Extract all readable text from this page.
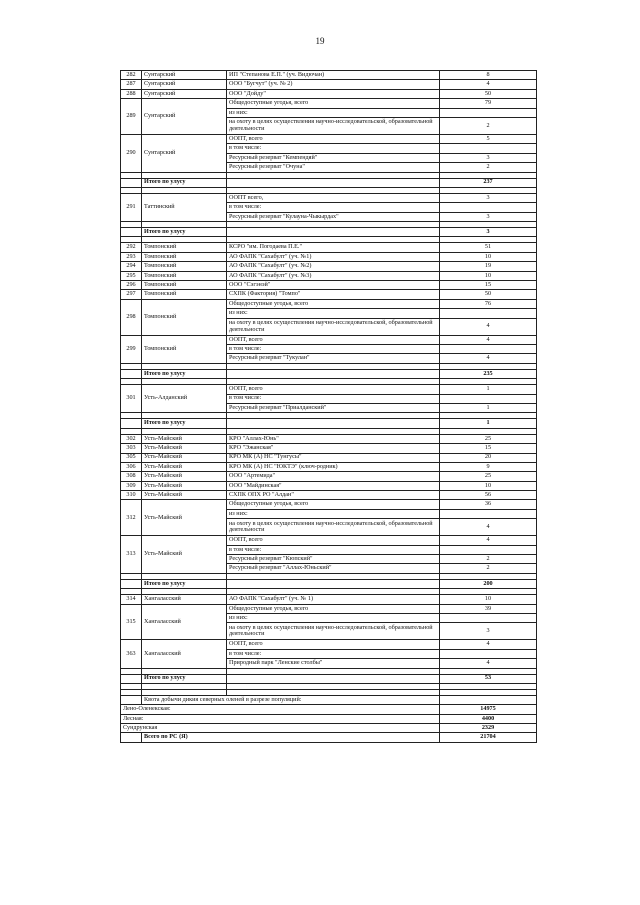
19
282	Сунтарский	ИП "Степанова Е.П." (уч. Видючан)	8
287	Сунтарский	ООО "Бугчут" (уч. № 2)	4
288	Сунтарский	ООО "Дойду"	50
289	Сунтарский	Общедоступные угодья, всего	79
		из них:	
		на охоту в целях осуществления научно-исследовательской, образовательной деятельности	2
290	Сунтарский	ООПТ, всего	5
		в том числе:	
		Ресурсный резерват "Кемпендяй"	3
		Ресурсный резерват "Очуна"	2

	Итого по улусу		237

291	Таттинский	ООПТ всего,	3
		в том числе:	
		Ресурсный резерват "Кулауна-Чыкырдах"	3

	Итого по улусу		3

292	Томпонский	КСРО "им. Погодаева П.Е."	51
293	Томпонский	АО ФАПК "Сахабулт" (уч. №1)	10
294	Томпонский	АО ФАПК "Сахабулт" (уч. №2)	19
295	Томпонский	АО ФАПК "Сахабулт" (уч. №3)	10
296	Томпонский	ООО "Сэгэнэй"	15
297	Томпонский	СХПК (Фактория) "Томпо"	50
298	Томпонский	Общедоступные угодья, всего	76
		из них:	
		на охоту в целях осуществления научно-исследовательской, образовательной деятельности	4
299	Томпонский	ООПТ, всего	4
		в том числе:	
		Ресурсный резерват "Тукулан"	4

	Итого по улусу		235

301	Усть-Алданский	ООПТ, всего	1
		в том числе:	
		Ресурсный резерват "Приалданский"	1

	Итого по улусу		1

302	Усть-Майский	КРО "Аллах-Юнь"	25
303	Усть-Майский	КРО "Эжанская"	15
305	Усть-Майский	КРО МК (А) НС "Тунгусы"	20
306	Усть-Майский	КРО МК (А) НС "ЮКТЭ" (ключ-родник)	9
308	Усть-Майский	ООО "Артемида"	25
309	Усть-Майский	ООО "Майдинская"	10
310	Усть-Майский	СХПК ОПХ РО "Алдан"	56
312	Усть-Майский	Общедоступные угодья, всего	36
		из них:	
		на охоту в целях осуществления научно-исследовательской, образовательной деятельности	4
313	Усть-Майский	ООПТ, всего	4
		в том числе:	
		Ресурсный резерват "Кюпский"	2
		Ресурсный резерват "Аллах-Юньский"	2

	Итого по улусу		200

314	Хангаласский	АО ФАПК "Сахабулт" (уч. № 1)	10
315	Хангаласский	Общедоступные угодья, всего	39
		из них:	
		на охоту в целях осуществления научно-исследовательской, образовательной деятельности	3
363	Хангаласский	ООПТ, всего	4
		в том числе:	
		Природный парк "Ленские столбы"	4

	Итого по улусу		53

	Квота добычи дикия северных оленей в разрезе популяций:		
Лено-Оленекская:			14975
Лесная:			4400
Сундрунская			2329
	Всего по РС (Я)		21704
